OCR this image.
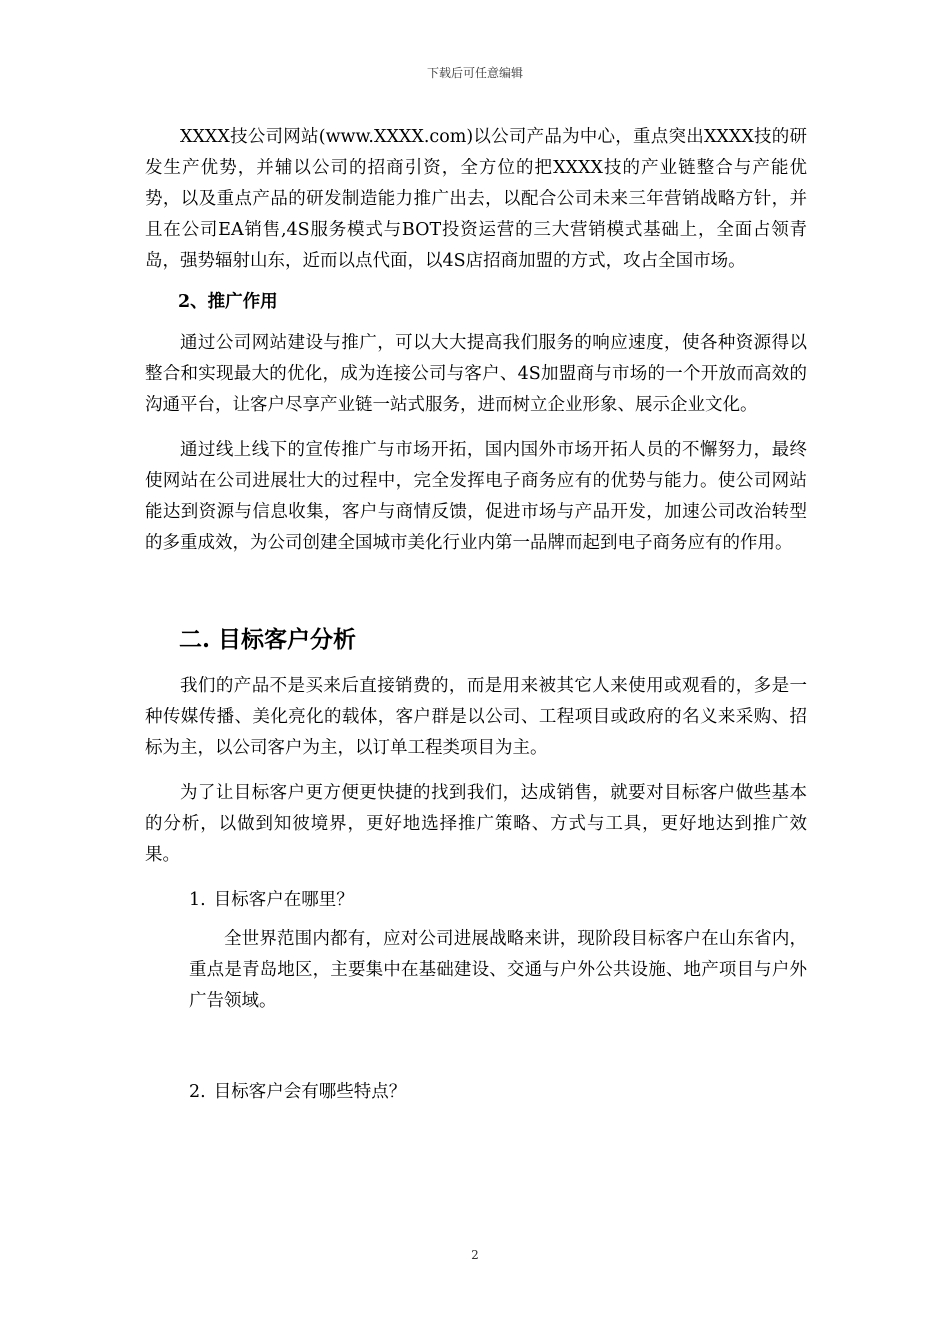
下载后可任意编辑

XXXX技公司网站(www.XXXX.com)以公司产品为中心，重点突出XXXX技的研发生产优势，并辅以公司的招商引资，全方位的把XXXX技的产业链整合与产能优势，以及重点产品的研发制造能力推广出去，以配合公司未来三年营销战略方针，并且在公司EA销售,4S服务模式与BOT投资运营的三大营销模式基础上，全面占领青岛，强势辐射山东，近而以点代面，以4S店招商加盟的方式，攻占全国市场。

2、推广作用

通过公司网站建设与推广，可以大大提高我们服务的响应速度，使各种资源得以整合和实现最大的优化，成为连接公司与客户、4S加盟商与市场的一个开放而高效的沟通平台，让客户尽享产业链一站式服务，进而树立企业形象、展示企业文化。

通过线上线下的宣传推广与市场开拓，国内国外市场开拓人员的不懈努力，最终使网站在公司进展壮大的过程中，完全发挥电子商务应有的优势与能力。使公司网站能达到资源与信息收集，客户与商情反馈，促进市场与产品开发，加速公司改治转型的多重成效，为公司创建全国城市美化行业内第一品牌而起到电子商务应有的作用。

二. 目标客户分析

我们的产品不是买来后直接销费的，而是用来被其它人来使用或观看的，多是一种传媒传播、美化亮化的载体，客户群是以公司、工程项目或政府的名义来采购、招标为主，以公司客户为主，以订单工程类项目为主。

为了让目标客户更方便更快捷的找到我们，达成销售，就要对目标客户做些基本的分析，以做到知彼境界，更好地选择推广策略、方式与工具，更好地达到推广效果。

1. 目标客户在哪里？
全世界范围内都有，应对公司进展战略来讲，现阶段目标客户在山东省内，重点是青岛地区，主要集中在基础建设、交通与户外公共设施、地产项目与户外广告领域。
2. 目标客户会有哪些特点？
2
